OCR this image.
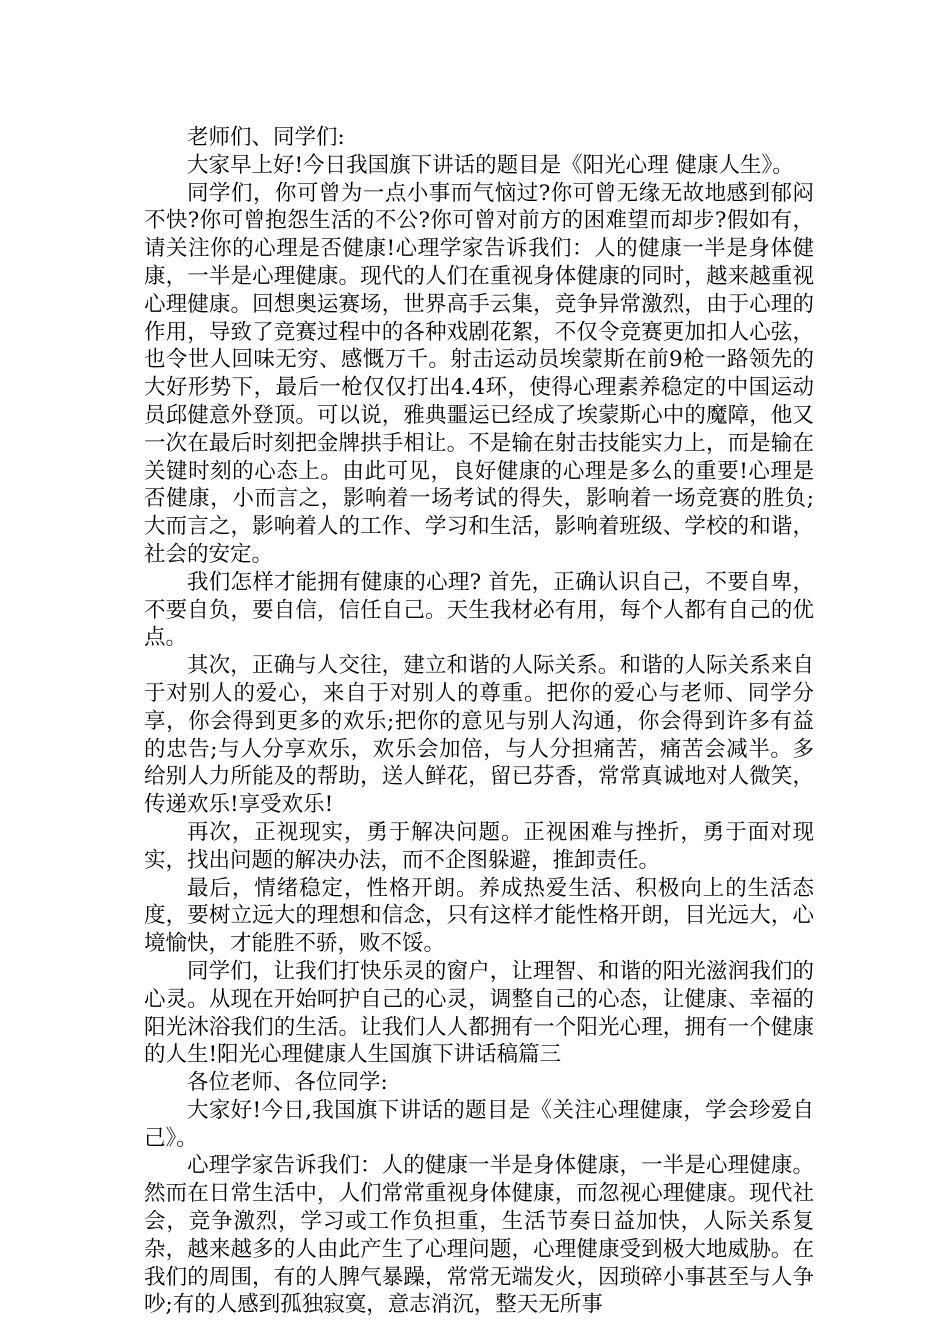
老师们、同学们:

大家早上好!今日我国旗下讲话的题目是《阳光心理 健康人生》。

同学们，你可曾为一点小事而气恼过?你可曾无缘无故地感到郁闷不快?你可曾抱怨生活的不公?你可曾对前方的困难望而却步?假如有，请关注你的心理是否健康!心理学家告诉我们：人的健康一半是身体健康，一半是心理健康。现代的人们在重视身体健康的同时，越来越重视心理健康。回想奥运赛场，世界高手云集，竞争异常激烈，由于心理的作用，导致了竞赛过程中的各种戏剧花絮，不仅令竞赛更加扣人心弦，也令世人回味无穷、感慨万千。射击运动员埃蒙斯在前9枪一路领先的大好形势下，最后一枪仅仅打出4.4环，使得心理素养稳定的中国运动员邱健意外登顶。可以说，雅典噩运已经成了埃蒙斯心中的魔障，他又一次在最后时刻把金牌拱手相让。不是输在射击技能实力上，而是输在关键时刻的心态上。由此可见，良好健康的心理是多么的重要!心理是否健康，小而言之，影响着一场考试的得失，影响着一场竞赛的胜负;大而言之，影响着人的工作、学习和生活，影响着班级、学校的和谐，社会的安定。

我们怎样才能拥有健康的心理? 首先，正确认识自己，不要自卑，不要自负，要自信，信任自己。天生我材必有用，每个人都有自己的优点。

其次，正确与人交往，建立和谐的人际关系。和谐的人际关系来自于对别人的爱心，来自于对别人的尊重。把你的爱心与老师、同学分享，你会得到更多的欢乐;把你的意见与别人沟通，你会得到许多有益的忠告;与人分享欢乐，欢乐会加倍，与人分担痛苦，痛苦会减半。多给别人力所能及的帮助，送人鲜花，留已芬香，常常真诚地对人微笑，传递欢乐!享受欢乐!

再次，正视现实，勇于解决问题。正视困难与挫折，勇于面对现实，找出问题的解决办法，而不企图躲避，推卸责任。

最后，情绪稳定，性格开朗。养成热爱生活、积极向上的生活态度，要树立远大的理想和信念，只有这样才能性格开朗，目光远大，心境愉快，才能胜不骄，败不馁。

同学们，让我们打快乐灵的窗户，让理智、和谐的阳光滋润我们的心灵。从现在开始呵护自己的心灵，调整自己的心态，让健康、幸福的阳光沐浴我们的生活。让我们人人都拥有一个阳光心理，拥有一个健康的人生!阳光心理健康人生国旗下讲话稿篇三

各位老师、各位同学:

大家好!今日,我国旗下讲话的题目是《关注心理健康，学会珍爱自己》。

心理学家告诉我们：人的健康一半是身体健康，一半是心理健康。然而在日常生活中，人们常常重视身体健康，而忽视心理健康。现代社会，竞争激烈，学习或工作负担重，生活节奏日益加快，人际关系复杂，越来越多的人由此产生了心理问题，心理健康受到极大地威胁。在我们的周围，有的人脾气暴躁，常常无端发火，因琐碎小事甚至与人争吵;有的人感到孤独寂寞，意志消沉，整天无所事
